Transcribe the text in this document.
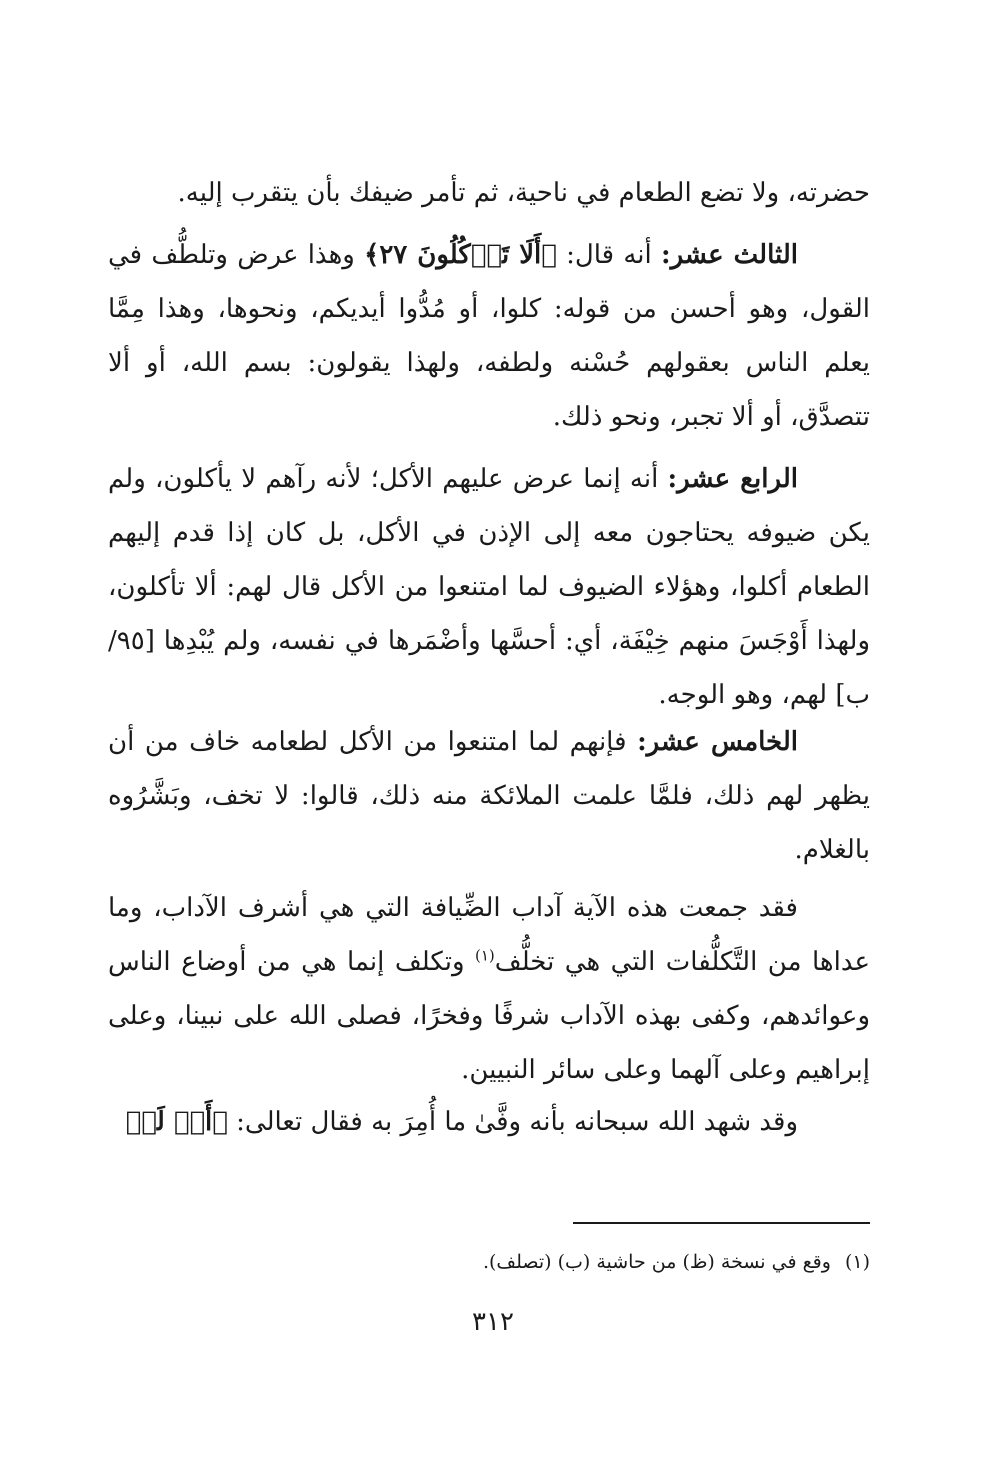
حضرته، ولا تضع الطعام في ناحية، ثم تأمر ضيفك بأن يتقرب إليه.

الثالث عشر: أنه قال: ﴿أَلَا تَأۡكُلُونَ ٢٧﴾ وهذا عرض وتلطُّف في القول، وهو أحسن من قوله: كلوا، أو مُدُّوا أيديكم، ونحوها، وهذا مِمَّا يعلم الناس بعقولهم حُسْنه ولطفه، ولهذا يقولون: بسم الله، أو ألا تتصدَّق، أو ألا تجبر، ونحو ذلك.

الرابع عشر: أنه إنما عرض عليهم الأكل؛ لأنه رآهم لا يأكلون، ولم يكن ضيوفه يحتاجون معه إلى الإذن في الأكل، بل كان إذا قدم إليهم الطعام أكلوا، وهؤلاء الضيوف لما امتنعوا من الأكل قال لهم: ألا تأكلون، ولهذا أَوْجَسَ منهم خِيْفَة، أي: أحسَّها وأضْمَرها في نفسه، ولم يُبْدِها [٩٥/ب] لهم، وهو الوجه.

الخامس عشر: فإنهم لما امتنعوا من الأكل لطعامه خاف من أن يظهر لهم ذلك، فلمَّا علمت الملائكة منه ذلك، قالوا: لا تخف، وبَشَّرُوه بالغلام.

فقد جمعت هذه الآية آداب الضِّيافة التي هي أشرف الآداب، وما عداها من التَّكلُّفات التي هي تخلُّف$^{(١)}$ وتكلف إنما هي من أوضاع الناس وعوائدهم، وكفى بهذه الآداب شرفًا وفخرًا، فصلى الله على نبينا، وعلى إبراهيم وعلى آلهما وعلى سائر النبيين.

وقد شهد الله سبحانه بأنه وفَّىٰ ما أُمِرَ به فقال تعالى: ﴿أَمۡ لَمۡ

(١)وقع في نسخة (ظ) من حاشية (ب) (تصلف).
٣١٢
